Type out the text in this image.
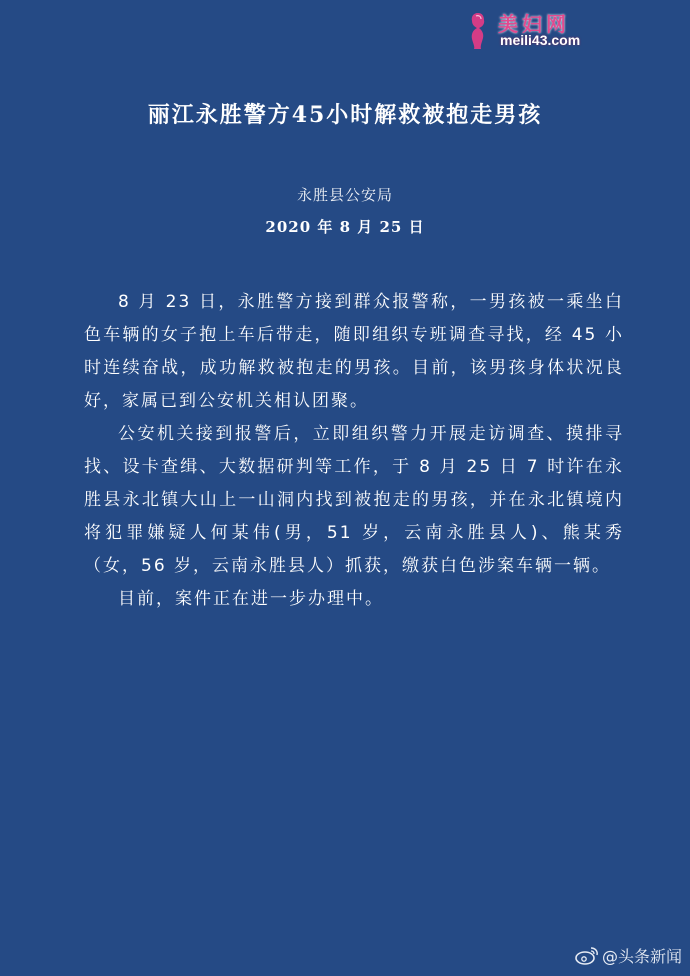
美妇网
meili43.com
丽江永胜警方45小时解救被抱走男孩
永胜县公安局
2020 年 8 月 25 日

8 月 23 日，永胜警方接到群众报警称，一男孩被一乘坐白色车辆的女子抱上车后带走，随即组织专班调查寻找，经 45 小时连续奋战，成功解救被抱走的男孩。目前，该男孩身体状况良好，家属已到公安机关相认团聚。

公安机关接到报警后，立即组织警力开展走访调查、摸排寻找、设卡查缉、大数据研判等工作，于 8 月 25 日 7 时许在永胜县永北镇大山上一山洞内找到被抱走的男孩，并在永北镇境内将犯罪嫌疑人何某伟(男，51 岁，云南永胜县人)、熊某秀（女，56 岁，云南永胜县人）抓获，缴获白色涉案车辆一辆。

目前，案件正在进一步办理中。

@头条新闻
